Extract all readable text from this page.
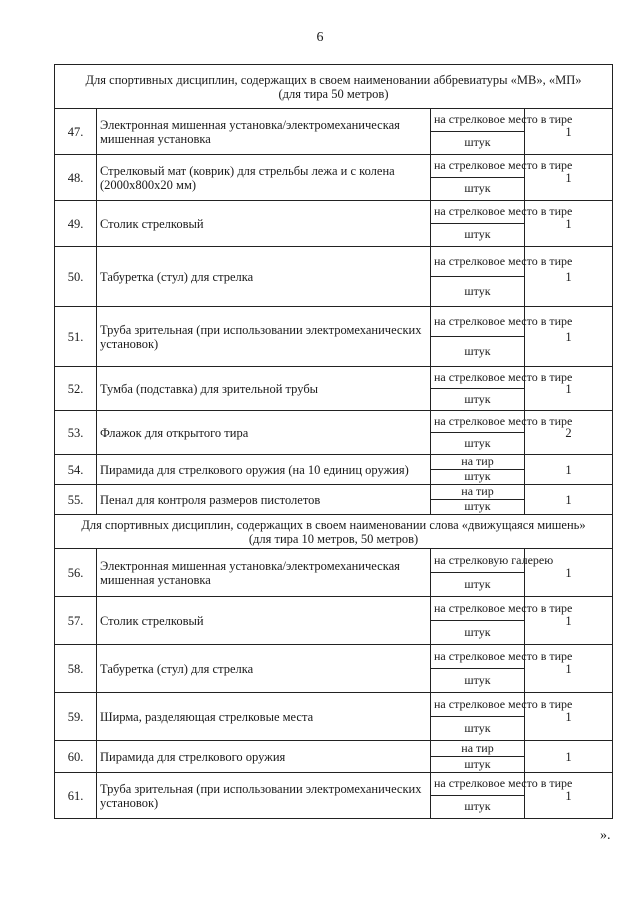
6
Для спортивных дисциплин, содержащих в своем наименовании аббревиатуры «МВ», «МП»
(для тира 50 метров)			

47.	Электронная мишенная установка/электромеханическая мишенная установка	на стрелковое место в тире	1
		штук	
48.	Стрелковый мат (коврик) для стрельбы лежа и с колена (2000х800х20 мм)	на стрелковое место в тире	1
		штук	
49.	Столик стрелковый	на стрелковое место в тире	1
		штук	
50.	Табуретка (стул) для стрелка	на стрелковое место в тире	1
		штук	
51.	Труба зрительная (при использовании электромеханических установок)	на стрелковое место в тире	1
		штук	
52.	Тумба (подставка) для зрительной трубы	на стрелковое место в тире	1
		штук	
53.	Флажок для открытого тира	на стрелковое место в тире	2
		штук	
54.	Пирамида для стрелкового оружия (на 10 единиц оружия)	на тир	1
		штук	
55.	Пенал для контроля размеров пистолетов	на тир	1
		штук	

Для спортивных дисциплин, содержащих в своем наименовании слова «движущаяся мишень»
(для тира 10 метров, 50 метров)			

56.	Электронная мишенная установка/электромеханическая мишенная установка	на стрелковую галерею	1
		штук	
57.	Столик стрелковый	на стрелковое место в тире	1
		штук	
58.	Табуретка (стул) для стрелка	на стрелковое место в тире	1
		штук	
59.	Ширма, разделяющая стрелковые места	на стрелковое место в тире	1
		штук	
60.	Пирамида для стрелкового оружия	на тир	1
		штук	
61.	Труба зрительная (при использовании электромеханических установок)	на стрелковое место в тире	1
		штук	
».
